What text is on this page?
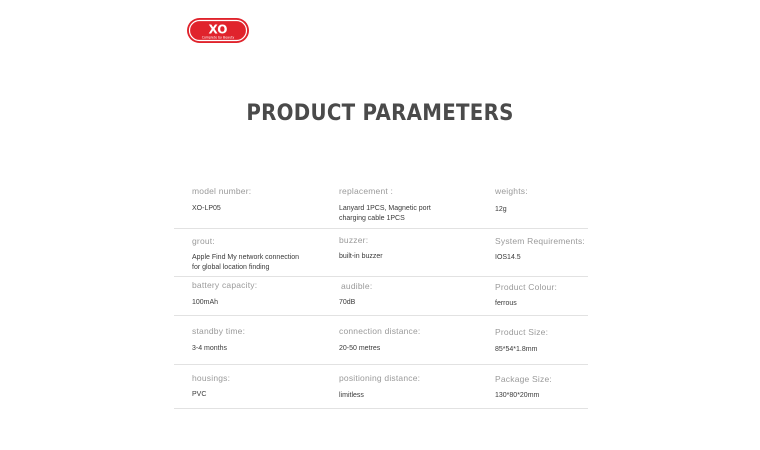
XO
Complete by Beauty
PRODUCT PARAMETERS
model number:
XO-LP05
replacement :
Lanyard 1PCS, Magnetic port
charging cable 1PCS
weights:
12g
grout:
Apple Find My network connection
for global location finding
buzzer:
built-in buzzer
System Requirements:
IOS14.5
battery capacity:
100mAh
audible:
70dB
Product Colour:
ferrous
standby time:
3-4 months
connection distance:
20-50 metres
Product Size:
85*54*1.8mm
housings:
PVC
positioning distance:
limitless
Package Size:
130*80*20mm
